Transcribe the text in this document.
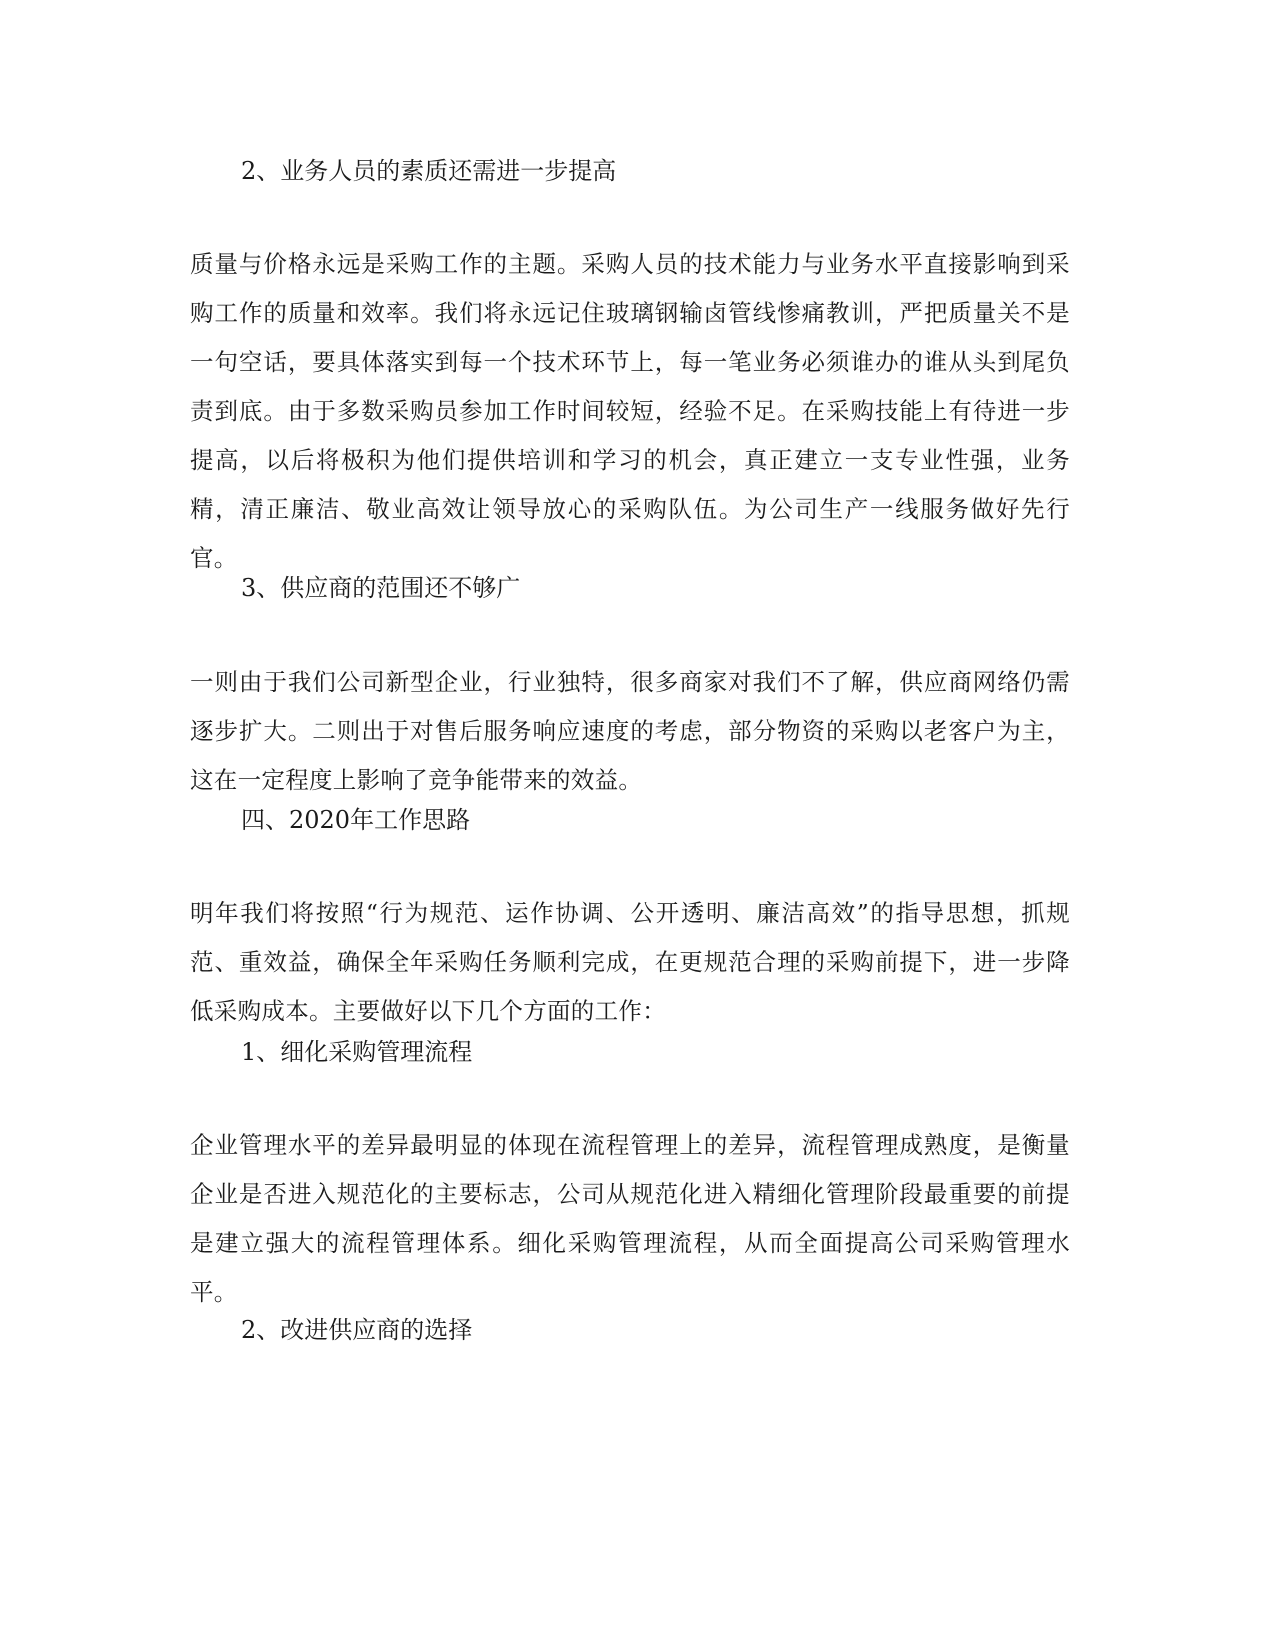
2、业务人员的素质还需进一步提高

质量与价格永远是采购工作的主题。采购人员的技术能力与业务水平直接影响到采购工作的质量和效率。我们将永远记住玻璃钢输卤管线惨痛教训，严把质量关不是一句空话，要具体落实到每一个技术环节上，每一笔业务必须谁办的谁从头到尾负责到底。由于多数采购员参加工作时间较短，经验不足。在采购技能上有待进一步提高，以后将极积为他们提供培训和学习的机会，真正建立一支专业性强，业务精，清正廉洁、敬业高效让领导放心的采购队伍。为公司生产一线服务做好先行官。

3、供应商的范围还不够广

一则由于我们公司新型企业，行业独特，很多商家对我们不了解，供应商网络仍需逐步扩大。二则出于对售后服务响应速度的考虑，部分物资的采购以老客户为主，这在一定程度上影响了竞争能带来的效益。

四、2020年工作思路

明年我们将按照“行为规范、运作协调、公开透明、廉洁高效”的指导思想，抓规范、重效益，确保全年采购任务顺利完成，在更规范合理的采购前提下，进一步降低采购成本。主要做好以下几个方面的工作：

1、细化采购管理流程

企业管理水平的差异最明显的体现在流程管理上的差异，流程管理成熟度，是衡量企业是否进入规范化的主要标志，公司从规范化进入精细化管理阶段最重要的前提是建立强大的流程管理体系。细化采购管理流程，从而全面提高公司采购管理水平。

2、改进供应商的选择
